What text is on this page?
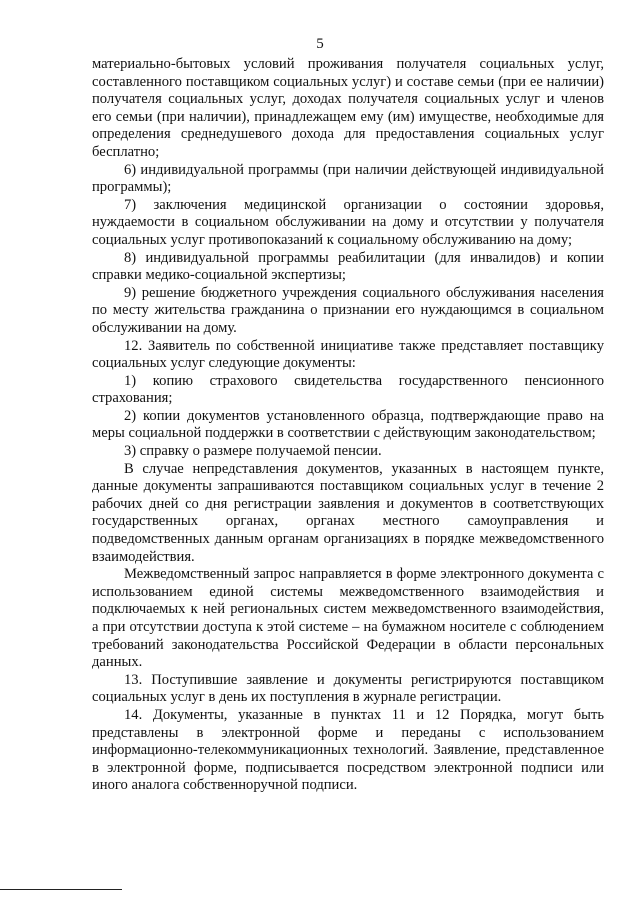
5

материально-бытовых условий проживания получателя социальных услуг, составленного поставщиком социальных услуг) и составе семьи (при ее наличии) получателя социальных услуг, доходах получателя социальных услуг и членов его семьи (при наличии), принадлежащем ему (им) имуществе, необходимые для определения среднедушевого дохода для предоставления социальных услуг бесплатно;

6) индивидуальной программы (при наличии действующей индивидуальной программы);

7) заключения медицинской организации о состоянии здоровья, нуждаемости в социальном обслуживании на дому и отсутствии у получателя социальных услуг противопоказаний к социальному обслуживанию на дому;

8) индивидуальной программы реабилитации (для инвалидов) и копии справки медико-социальной экспертизы;

9) решение бюджетного учреждения социального обслуживания населения по месту жительства гражданина о признании его нуждающимся в социальном обслуживании на дому.

12. Заявитель по собственной инициативе также представляет поставщику социальных услуг следующие документы:

1) копию страхового свидетельства государственного пенсионного страхования;

2) копии документов установленного образца, подтверждающие право на меры социальной поддержки в соответствии с действующим законодательством;

3) справку о размере получаемой пенсии.

В случае непредставления документов, указанных в настоящем пункте, данные документы запрашиваются поставщиком социальных услуг в течение 2 рабочих дней со дня регистрации заявления и документов в соответствующих государственных органах, органах местного самоуправления и подведомственных данным органам организациях в порядке межведомственного взаимодействия.

Межведомственный запрос направляется в форме электронного документа с использованием единой системы межведомственного взаимодействия и подключаемых к ней региональных систем межведомственного взаимодействия, а при отсутствии доступа к этой системе – на бумажном носителе с соблюдением требований законодательства Российской Федерации в области персональных данных.

13. Поступившие заявление и документы регистрируются поставщиком социальных услуг в день их поступления в журнале регистрации.

14. Документы, указанные в пунктах 11 и 12 Порядка, могут быть представлены в электронной форме и переданы с использованием информационно-телекоммуникационных технологий. Заявление, представленное в электронной форме, подписывается посредством электронной подписи или иного аналога собственноручной подписи.
